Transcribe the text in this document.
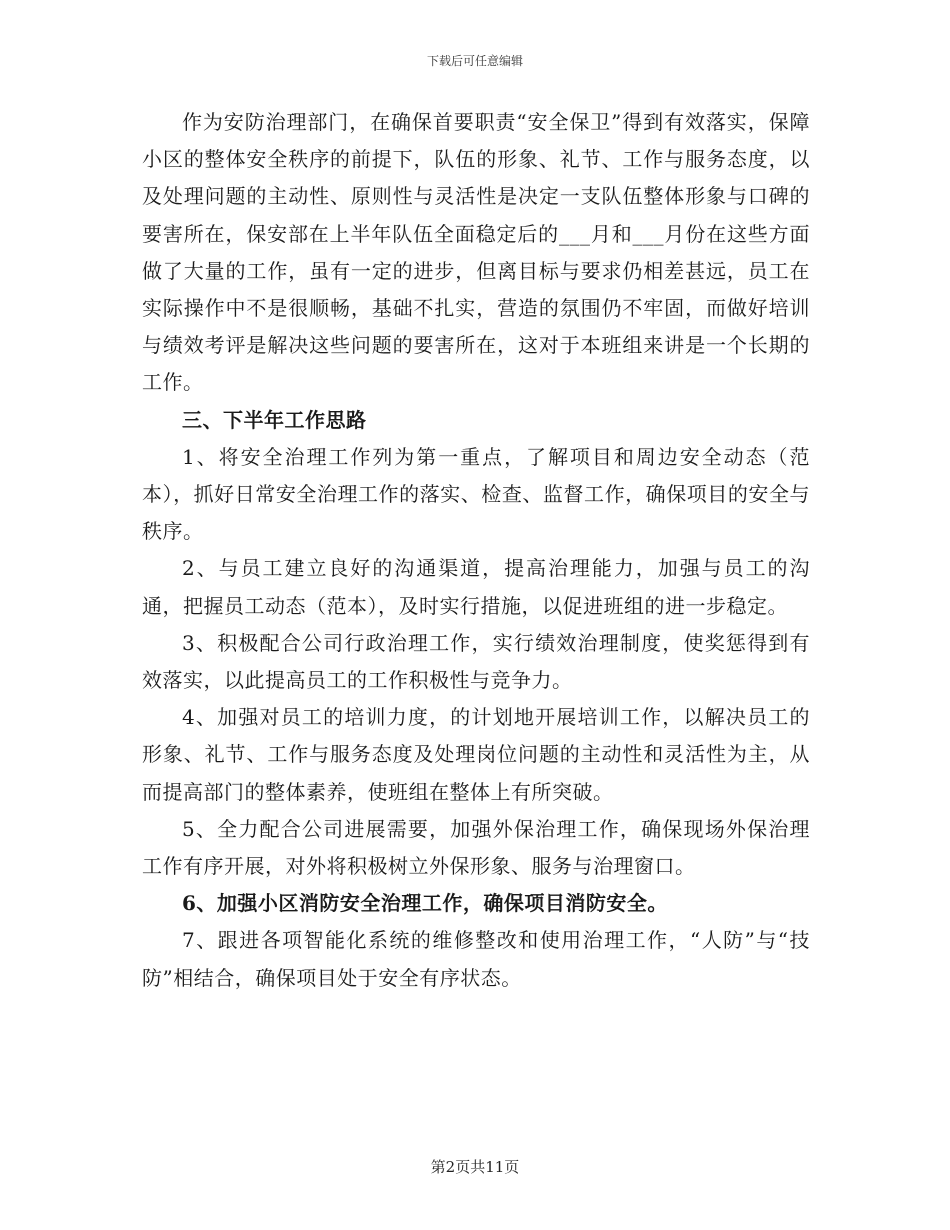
下载后可任意编辑

作为安防治理部门，在确保首要职责“安全保卫”得到有效落实，保障小区的整体安全秩序的前提下，队伍的形象、礼节、工作与服务态度，以及处理问题的主动性、原则性与灵活性是决定一支队伍整体形象与口碑的要害所在，保安部在上半年队伍全面稳定后的___月和___月份在这些方面做了大量的工作，虽有一定的进步，但离目标与要求仍相差甚远，员工在实际操作中不是很顺畅，基础不扎实，营造的氛围仍不牢固，而做好培训与绩效考评是解决这些问题的要害所在，这对于本班组来讲是一个长期的工作。

三、下半年工作思路

1、将安全治理工作列为第一重点，了解项目和周边安全动态（范本），抓好日常安全治理工作的落实、检查、监督工作，确保项目的安全与秩序。

2、与员工建立良好的沟通渠道，提高治理能力，加强与员工的沟通，把握员工动态（范本），及时实行措施，以促进班组的进一步稳定。

3、积极配合公司行政治理工作，实行绩效治理制度，使奖惩得到有效落实，以此提高员工的工作积极性与竞争力。

4、加强对员工的培训力度，的计划地开展培训工作，以解决员工的形象、礼节、工作与服务态度及处理岗位问题的主动性和灵活性为主，从而提高部门的整体素养，使班组在整体上有所突破。

5、全力配合公司进展需要，加强外保治理工作，确保现场外保治理工作有序开展，对外将积极树立外保形象、服务与治理窗口。

6、加强小区消防安全治理工作，确保项目消防安全。

7、跟进各项智能化系统的维修整改和使用治理工作，“人防”与“技防”相结合，确保项目处于安全有序状态。

第2页共11页
